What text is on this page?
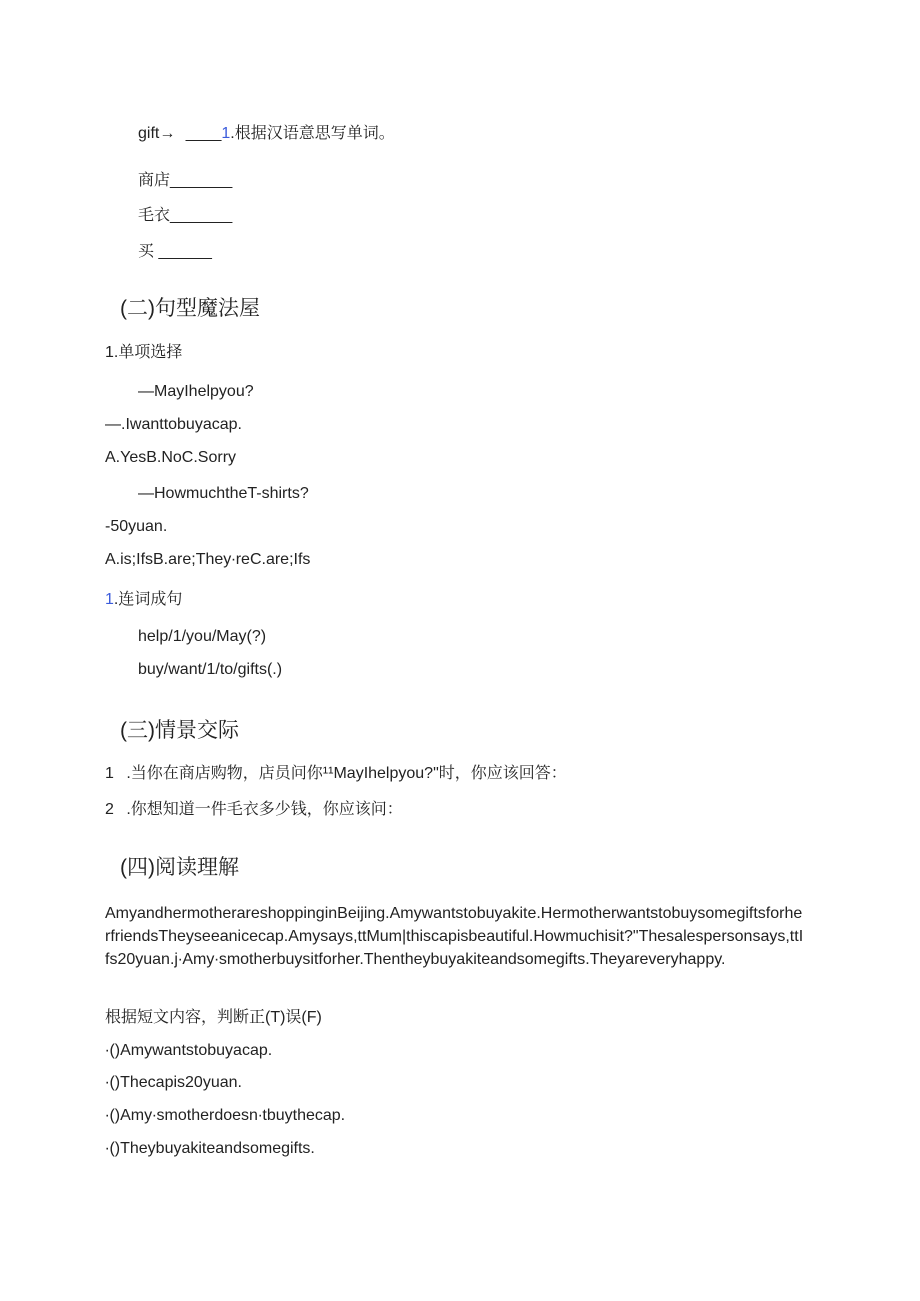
gift→ ____1.根据汉语意思写单词。

商店_______

毛衣_______

买 ______

(二)句型魔法屋

1.单项选择

—MayIhelpyou?

—.Iwanttobuyacap.

A.YesB.NoC.Sorry

—HowmuchtheT-shirts?

-50yuan.

A.is;IfsB.are;They∙reC.are;Ifs

1.连词成句

help/1/you/May(?)

buy/want/1/to/gifts(.)

(三)情景交际

1 .当你在商店购物，店员问你¹¹MayIhelpyou?"时，你应该回答：

2 .你想知道一件毛衣多少钱，你应该问：

(四)阅读理解

AmyandhermotherareshoppinginBeijing.Amywantstobuyakite.HermotherwantstobuysomegiftsforherfriendsTheyseeanicecap.Amysays,ttMum|thiscapisbeautiful.Howmuchisit?"Thesalespersonsays,ttIfs20yuan.j∙Amy∙smotherbuysitforher.Thentheybuyakiteandsomegifts.Theyareveryhappy.

根据短文内容，判断正(T)误(F)

∙()Amywantstobuyacap.

∙()Thecapis20yuan.

∙()Amy∙smotherdoesn∙tbuythecap.

∙()Theybuyakiteandsomegifts.
